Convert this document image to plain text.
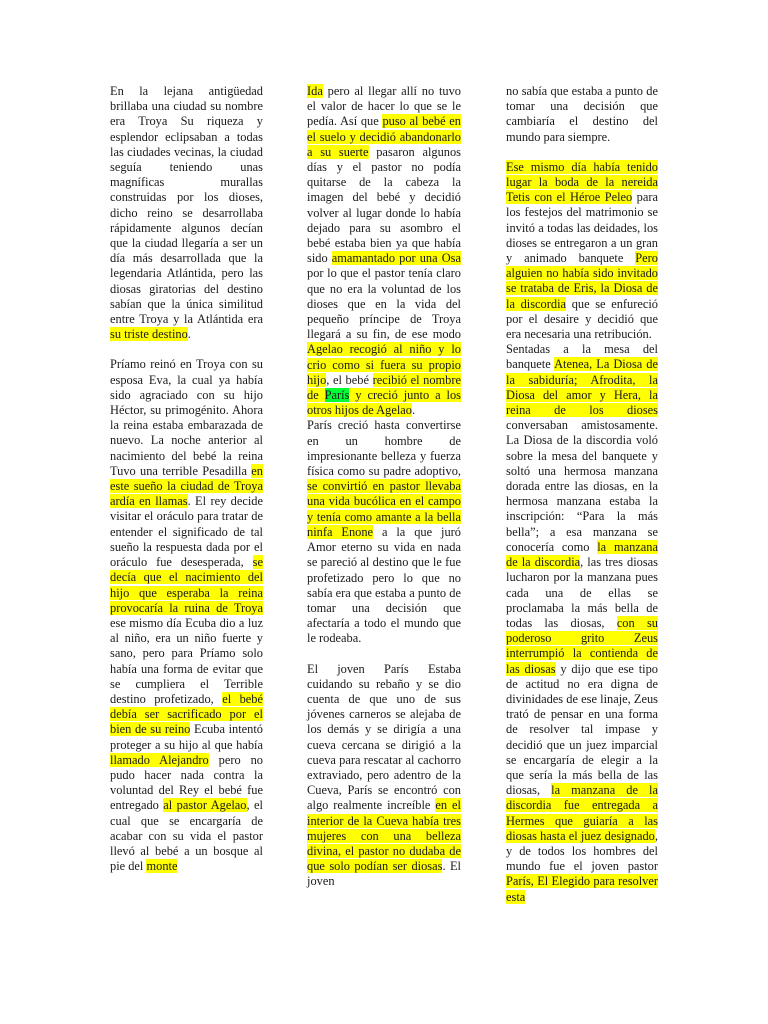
En la lejana antigüedad brillaba una ciudad su nombre era Troya Su riqueza y esplendor eclipsaban a todas las ciudades vecinas, la ciudad seguía teniendo unas magníficas murallas construidas por los dioses, dicho reino se desarrollaba rápidamente algunos decían que la ciudad llegaría a ser un día más desarrollada que la legendaria Atlántida, pero las diosas giratorias del destino sabían que la única similitud entre Troya y la Atlántida era su triste destino.

Príamo reinó en Troya con su esposa Eva, la cual ya había sido agraciado con su hijo Héctor, su primogénito. Ahora la reina estaba embarazada de nuevo. La noche anterior al nacimiento del bebé la reina Tuvo una terrible Pesadilla en este sueño la ciudad de Troya ardía en llamas. El rey decide visitar el oráculo para tratar de entender el significado de tal sueño la respuesta dada por el oráculo fue desesperada, se decía que el nacimiento del hijo que esperaba la reina provocaría la ruina de Troya ese mismo día Ecuba dio a luz al niño, era un niño fuerte y sano, pero para Príamo solo había una forma de evitar que se cumpliera el Terrible destino profetizado, el bebé debía ser sacrificado por el bien de su reino Ecuba intentó proteger a su hijo al que había llamado Alejandro pero no pudo hacer nada contra la voluntad del Rey el bebé fue entregado al pastor Agelao, el cual que se encargaría de acabar con su vida el pastor llevó al bebé a un bosque al pie del monte

Ida pero al llegar allí no tuvo el valor de hacer lo que se le pedía. Así que puso al bebé en el suelo y decidió abandonarlo a su suerte pasaron algunos días y el pastor no podía quitarse de la cabeza la imagen del bebé y decidió volver al lugar donde lo había dejado para su asombro el bebé estaba bien ya que había sido amamantado por una Osa por lo que el pastor tenía claro que no era la voluntad de los dioses que en la vida del pequeño príncipe de Troya llegará a su fin, de ese modo Agelao recogió al niño y lo crio como si fuera su propio hijo, el bebé recibió el nombre de París y creció junto a los otros hijos de Agelao.

París creció hasta convertirse en un hombre de impresionante belleza y fuerza física como su padre adoptivo, se convirtió en pastor llevaba una vida bucólica en el campo y tenía como amante a la bella ninfa Enone a la que juró Amor eterno su vida en nada se pareció al destino que le fue profetizado pero lo que no sabía era que estaba a punto de tomar una decisión que afectaría a todo el mundo que le rodeaba.

El joven París Estaba cuidando su rebaño y se dio cuenta de que uno de sus jóvenes carneros se alejaba de los demás y se dirigía a una cueva cercana se dirigió a la cueva para rescatar al cachorro extraviado, pero adentro de la Cueva, París se encontró con algo realmente increíble en el interior de la Cueva había tres mujeres con una belleza divina, el pastor no dudaba de que solo podían ser diosas. El joven

no sabía que estaba a punto de tomar una decisión que cambiaría el destino del mundo para siempre.

Ese mismo día había tenido lugar la boda de la nereida Tetis con el Héroe Peleo para los festejos del matrimonio se invitó a todas las deidades, los dioses se entregaron a un gran y animado banquete Pero alguien no había sido invitado se trataba de Eris, la Diosa de la discordia que se enfureció por el desaire y decidió que era necesaria una retribución.

Sentadas a la mesa del banquete Atenea, La Diosa de la sabiduría; Afrodita, la Diosa del amor y Hera, la reina de los dioses conversaban amistosamente. La Diosa de la discordia voló sobre la mesa del banquete y soltó una hermosa manzana dorada entre las diosas, en la hermosa manzana estaba la inscripción: “Para la más bella”; a esa manzana se conocería como la manzana de la discordia, las tres diosas lucharon por la manzana pues cada una de ellas se proclamaba la más bella de todas las diosas, con su poderoso grito Zeus interrumpió la contienda de las diosas y dijo que ese tipo de actitud no era digna de divinidades de ese linaje, Zeus trató de pensar en una forma de resolver tal impase y decidió que un juez imparcial se encargaría de elegir a la que sería la más bella de las diosas, la manzana de la discordia fue entregada a Hermes que guiaría a las diosas hasta el juez designado, y de todos los hombres del mundo fue el joven pastor París, El Elegido para resolver esta
